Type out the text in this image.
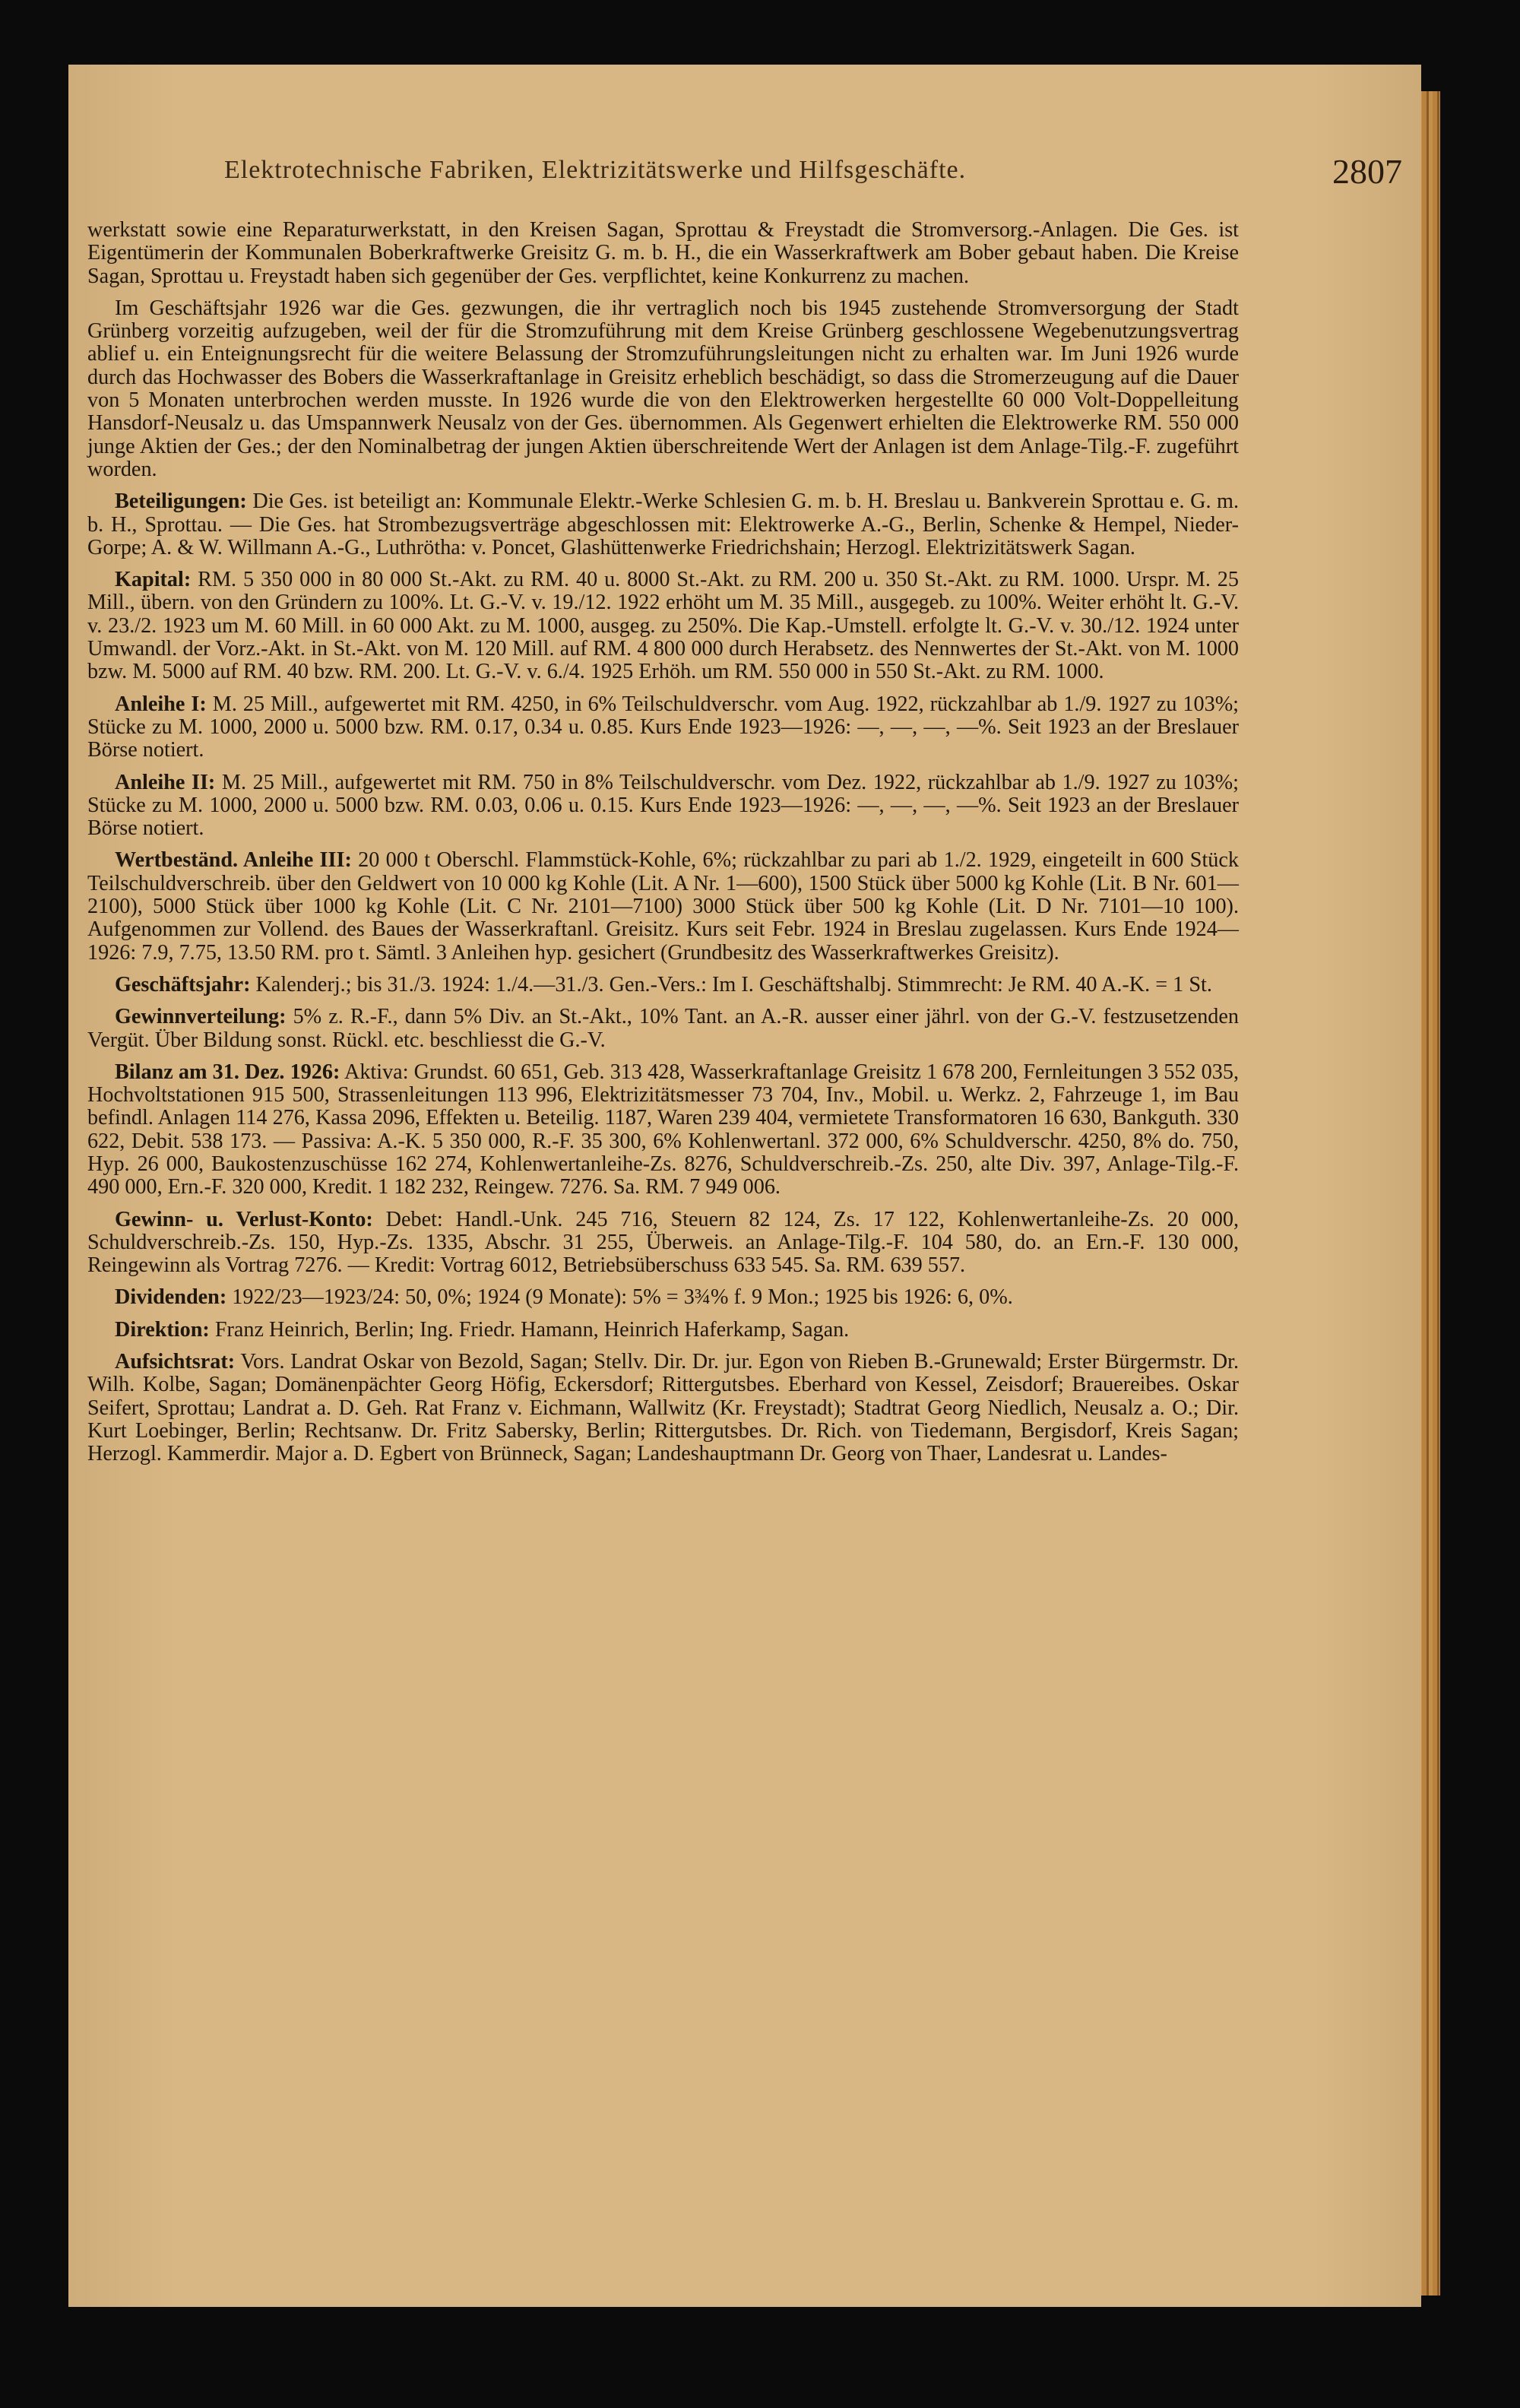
Elektrotechnische Fabriken, Elektrizitätswerke und Hilfsgeschäfte.	2807

werkstatt sowie eine Reparaturwerkstatt, in den Kreisen Sagan, Sprottau & Freystadt die Stromversorg.-Anlagen. Die Ges. ist Eigentümerin der Kommunalen Boberkraftwerke Greisitz G. m. b. H., die ein Wasserkraftwerk am Bober gebaut haben. Die Kreise Sagan, Sprottau u. Freystadt haben sich gegenüber der Ges. verpflichtet, keine Konkurrenz zu machen.

Im Geschäftsjahr 1926 war die Ges. gezwungen, die ihr vertraglich noch bis 1945 zustehende Stromversorgung der Stadt Grünberg vorzeitig aufzugeben, weil der für die Stromzuführung mit dem Kreise Grünberg geschlossene Wegebenutzungsvertrag ablief u. ein Enteignungsrecht für die weitere Belassung der Stromzuführungsleitungen nicht zu erhalten war. Im Juni 1926 wurde durch das Hochwasser des Bobers die Wasserkraftanlage in Greisitz erheblich beschädigt, so dass die Stromerzeugung auf die Dauer von 5 Monaten unterbrochen werden musste. In 1926 wurde die von den Elektrowerken hergestellte 60 000 Volt-Doppelleitung Hansdorf-Neusalz u. das Umspannwerk Neusalz von der Ges. übernommen. Als Gegenwert erhielten die Elektrowerke RM. 550 000 junge Aktien der Ges.; der den Nominalbetrag der jungen Aktien überschreitende Wert der Anlagen ist dem Anlage-Tilg.-F. zugeführt worden.

Beteiligungen: Die Ges. ist beteiligt an: Kommunale Elektr.-Werke Schlesien G. m. b. H. Breslau u. Bankverein Sprottau e. G. m. b. H., Sprottau. — Die Ges. hat Strombezugsverträge abgeschlossen mit: Elektrowerke A.-G., Berlin, Schenke & Hempel, Nieder-Gorpe; A. & W. Willmann A.-G., Luthrötha: v. Poncet, Glashüttenwerke Friedrichshain; Herzogl. Elektrizitätswerk Sagan.

Kapital: RM. 5 350 000 in 80 000 St.-Akt. zu RM. 40 u. 8000 St.-Akt. zu RM. 200 u. 350 St.-Akt. zu RM. 1000. Urspr. M. 25 Mill., übern. von den Gründern zu 100%. Lt. G.-V. v. 19./12. 1922 erhöht um M. 35 Mill., ausgegeb. zu 100%. Weiter erhöht lt. G.-V. v. 23./2. 1923 um M. 60 Mill. in 60 000 Akt. zu M. 1000, ausgeg. zu 250%. Die Kap.-Umstell. erfolgte lt. G.-V. v. 30./12. 1924 unter Umwandl. der Vorz.-Akt. in St.-Akt. von M. 120 Mill. auf RM. 4 800 000 durch Herabsetz. des Nennwertes der St.-Akt. von M. 1000 bzw. M. 5000 auf RM. 40 bzw. RM. 200. Lt. G.-V. v. 6./4. 1925 Erhöh. um RM. 550 000 in 550 St.-Akt. zu RM. 1000.

Anleihe I: M. 25 Mill., aufgewertet mit RM. 4250, in 6% Teilschuldverschr. vom Aug. 1922, rückzahlbar ab 1./9. 1927 zu 103%; Stücke zu M. 1000, 2000 u. 5000 bzw. RM. 0.17, 0.34 u. 0.85. Kurs Ende 1923—1926: —, —, —, —%. Seit 1923 an der Breslauer Börse notiert.

Anleihe II: M. 25 Mill., aufgewertet mit RM. 750 in 8% Teilschuldverschr. vom Dez. 1922, rückzahlbar ab 1./9. 1927 zu 103%; Stücke zu M. 1000, 2000 u. 5000 bzw. RM. 0.03, 0.06 u. 0.15. Kurs Ende 1923—1926: —, —, —, —%. Seit 1923 an der Breslauer Börse notiert.

Wertbeständ. Anleihe III: 20 000 t Oberschl. Flammstück-Kohle, 6%; rückzahlbar zu pari ab 1./2. 1929, eingeteilt in 600 Stück Teilschuldverschreib. über den Geldwert von 10 000 kg Kohle (Lit. A Nr. 1—600), 1500 Stück über 5000 kg Kohle (Lit. B Nr. 601—2100), 5000 Stück über 1000 kg Kohle (Lit. C Nr. 2101—7100) 3000 Stück über 500 kg Kohle (Lit. D Nr. 7101—10 100). Aufgenommen zur Vollend. des Baues der Wasserkraftanl. Greisitz. Kurs seit Febr. 1924 in Breslau zugelassen. Kurs Ende 1924—1926: 7.9, 7.75, 13.50 RM. pro t. Sämtl. 3 Anleihen hyp. gesichert (Grundbesitz des Wasserkraftwerkes Greisitz).

Geschäftsjahr: Kalenderj.; bis 31./3. 1924: 1./4.—31./3. Gen.-Vers.: Im I. Geschäftshalbj. Stimmrecht: Je RM. 40 A.-K. = 1 St.

Gewinnverteilung: 5% z. R.-F., dann 5% Div. an St.-Akt., 10% Tant. an A.-R. ausser einer jährl. von der G.-V. festzusetzenden Vergüt. Über Bildung sonst. Rückl. etc. beschliesst die G.-V.

Bilanz am 31. Dez. 1926: Aktiva: Grundst. 60 651, Geb. 313 428, Wasserkraftanlage Greisitz 1 678 200, Fernleitungen 3 552 035, Hochvoltstationen 915 500, Strassenleitungen 113 996, Elektrizitätsmesser 73 704, Inv., Mobil. u. Werkz. 2, Fahrzeuge 1, im Bau befindl. Anlagen 114 276, Kassa 2096, Effekten u. Beteilig. 1187, Waren 239 404, vermietete Transformatoren 16 630, Bankguth. 330 622, Debit. 538 173. — Passiva: A.-K. 5 350 000, R.-F. 35 300, 6% Kohlenwertanl. 372 000, 6% Schuldverschr. 4250, 8% do. 750, Hyp. 26 000, Baukostenzuschüsse 162 274, Kohlenwertanleihe-Zs. 8276, Schuldverschreib.-Zs. 250, alte Div. 397, Anlage-Tilg.-F. 490 000, Ern.-F. 320 000, Kredit. 1 182 232, Reingew. 7276. Sa. RM. 7 949 006.

Gewinn- u. Verlust-Konto: Debet: Handl.-Unk. 245 716, Steuern 82 124, Zs. 17 122, Kohlenwertanleihe-Zs. 20 000, Schuldverschreib.-Zs. 150, Hyp.-Zs. 1335, Abschr. 31 255, Überweis. an Anlage-Tilg.-F. 104 580, do. an Ern.-F. 130 000, Reingewinn als Vortrag 7276. — Kredit: Vortrag 6012, Betriebsüberschuss 633 545. Sa. RM. 639 557.

Dividenden: 1922/23—1923/24: 50, 0%; 1924 (9 Monate): 5% = 3¾% f. 9 Mon.; 1925 bis 1926: 6, 0%.

Direktion: Franz Heinrich, Berlin; Ing. Friedr. Hamann, Heinrich Haferkamp, Sagan.

Aufsichtsrat: Vors. Landrat Oskar von Bezold, Sagan; Stellv. Dir. Dr. jur. Egon von Rieben B.-Grunewald; Erster Bürgermstr. Dr. Wilh. Kolbe, Sagan; Domänenpächter Georg Höfig, Eckersdorf; Rittergutsbes. Eberhard von Kessel, Zeisdorf; Brauereibes. Oskar Seifert, Sprottau; Landrat a. D. Geh. Rat Franz v. Eichmann, Wallwitz (Kr. Freystadt); Stadtrat Georg Niedlich, Neusalz a. O.; Dir. Kurt Loebinger, Berlin; Rechtsanw. Dr. Fritz Sabersky, Berlin; Rittergutsbes. Dr. Rich. von Tiedemann, Bergisdorf, Kreis Sagan; Herzogl. Kammerdir. Major a. D. Egbert von Brünneck, Sagan; Landeshauptmann Dr. Georg von Thaer, Landesrat u. Landes-
